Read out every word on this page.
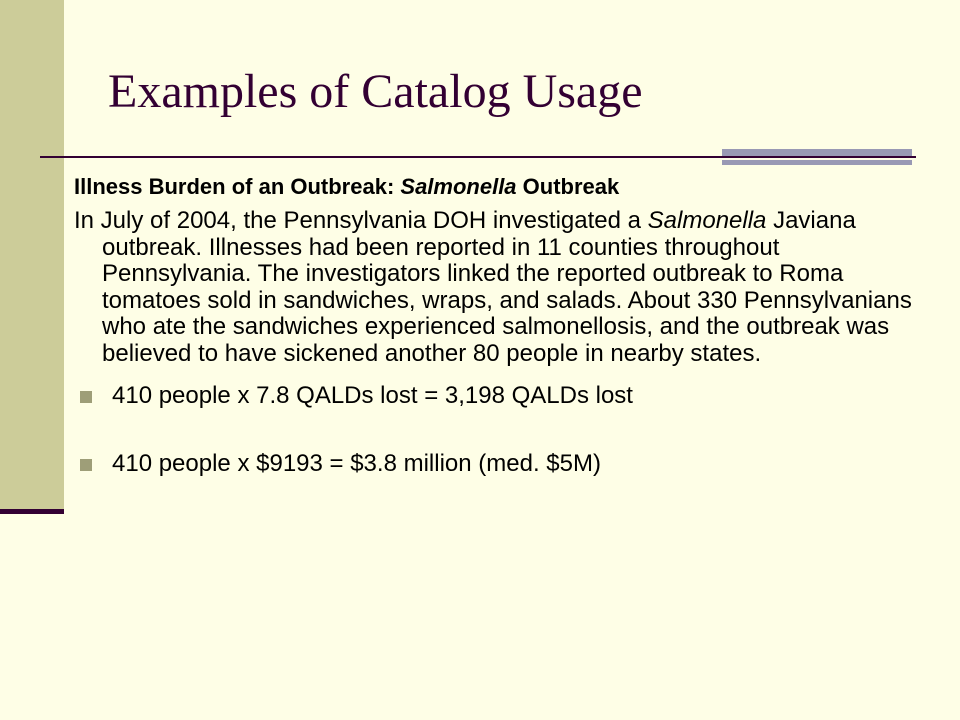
Examples of Catalog Usage

Illness Burden of an Outbreak: Salmonella Outbreak

In July of 2004, the Pennsylvania DOH investigated a Salmonella Javiana outbreak. Illnesses had been reported in 11 counties throughout Pennsylvania. The investigators linked the reported outbreak to Roma tomatoes sold in sandwiches, wraps, and salads. About 330 Pennsylvanians who ate the sandwiches experienced salmonellosis, and the outbreak was believed to have sickened another 80 people in nearby states.

410 people x 7.8 QALDs lost = 3,198 QALDs lost
410 people x $9193 = $3.8 million (med. $5M)
